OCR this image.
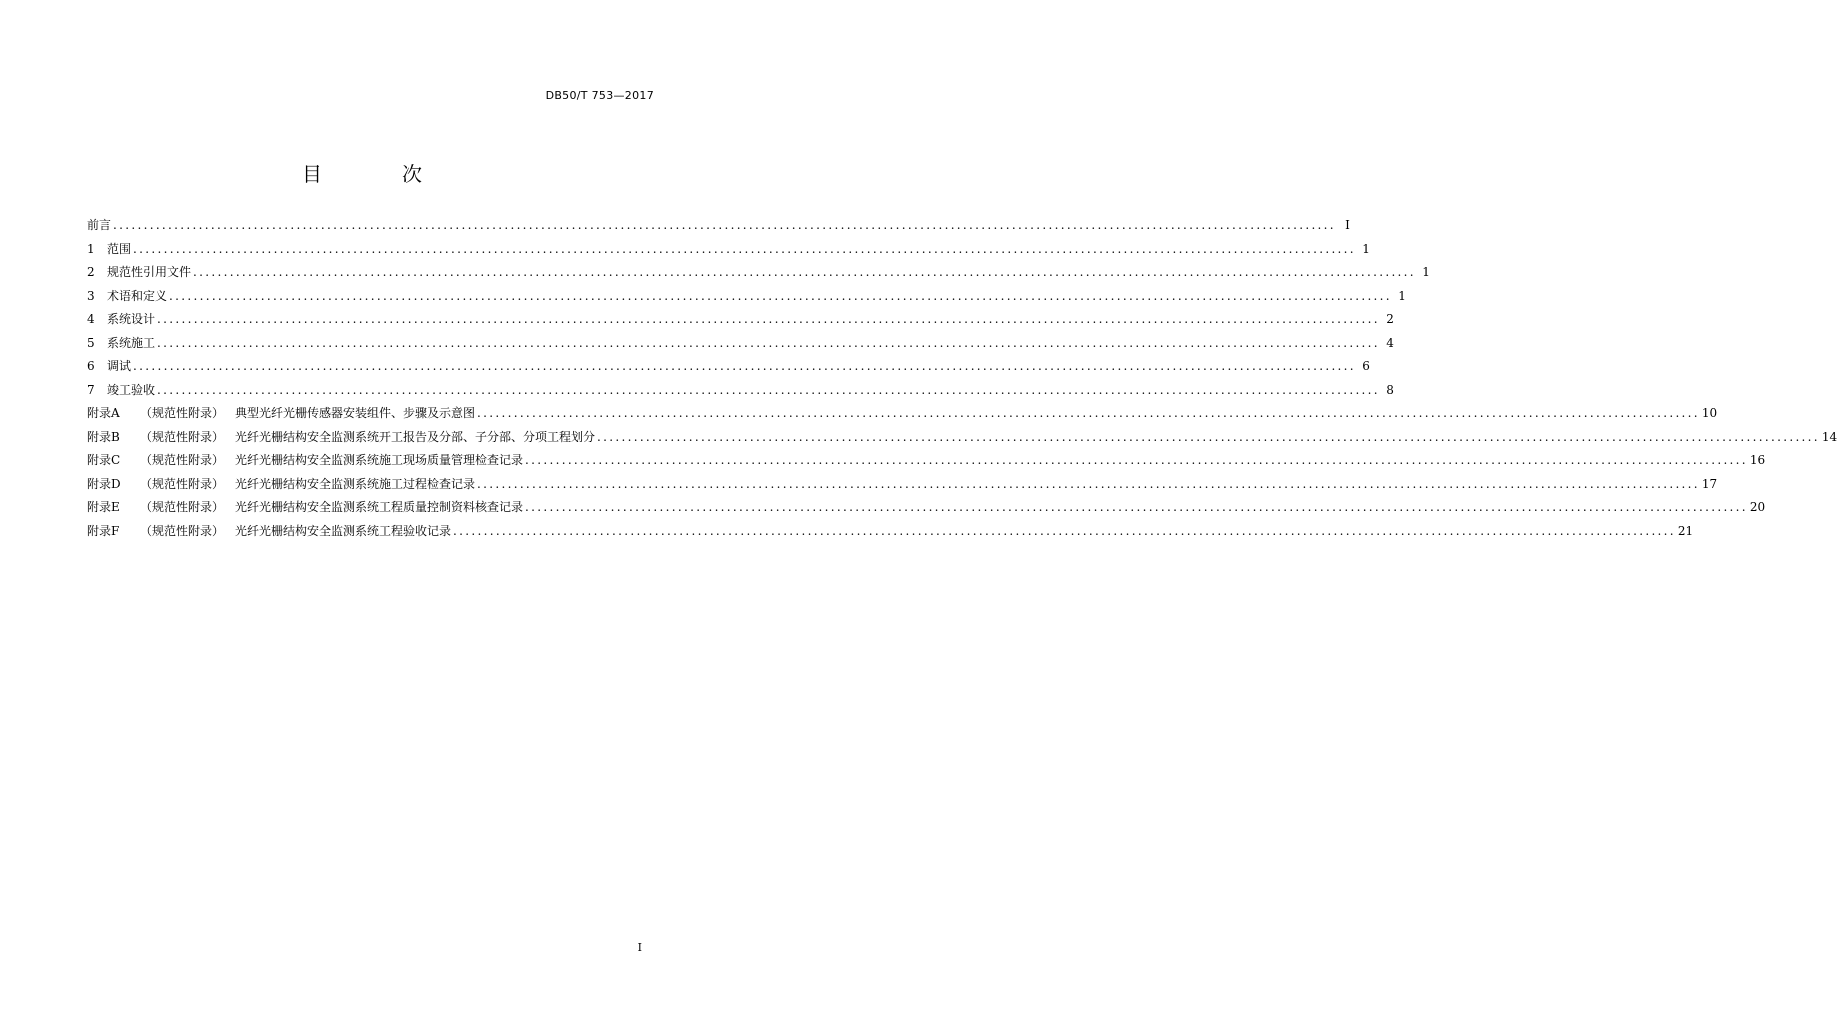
DB50/T 753—2017
目　次
前言 ........................................................................................................................................................................................................ I
1	范围 ........................................................................................................................................................................................................ 1
2	规范性引用文件 ........................................................................................................................................................................................................ 1
3	术语和定义 ........................................................................................................................................................................................................ 1
4	系统设计 ........................................................................................................................................................................................................ 2
5	系统施工 ........................................................................................................................................................................................................ 4
6	调试 ........................................................................................................................................................................................................ 6
7	竣工验收 ........................................................................................................................................................................................................ 8
附录A	（规范性附录） 典型光纤光栅传感器安装组件、步骤及示意图 ........................................................................................................................................................................................................ 10
附录B	（规范性附录） 光纤光栅结构安全监测系统开工报告及分部、子分部、分项工程划分 ........................................................................................................................................................................................................ 14
附录C	（规范性附录） 光纤光栅结构安全监测系统施工现场质量管理检查记录 ........................................................................................................................................................................................................ 16
附录D	（规范性附录） 光纤光栅结构安全监测系统施工过程检查记录 ........................................................................................................................................................................................................ 17
附录E	（规范性附录） 光纤光栅结构安全监测系统工程质量控制资料核查记录 ........................................................................................................................................................................................................ 20
附录F	（规范性附录） 光纤光栅结构安全监测系统工程验收记录 ........................................................................................................................................................................................................ 21
I
